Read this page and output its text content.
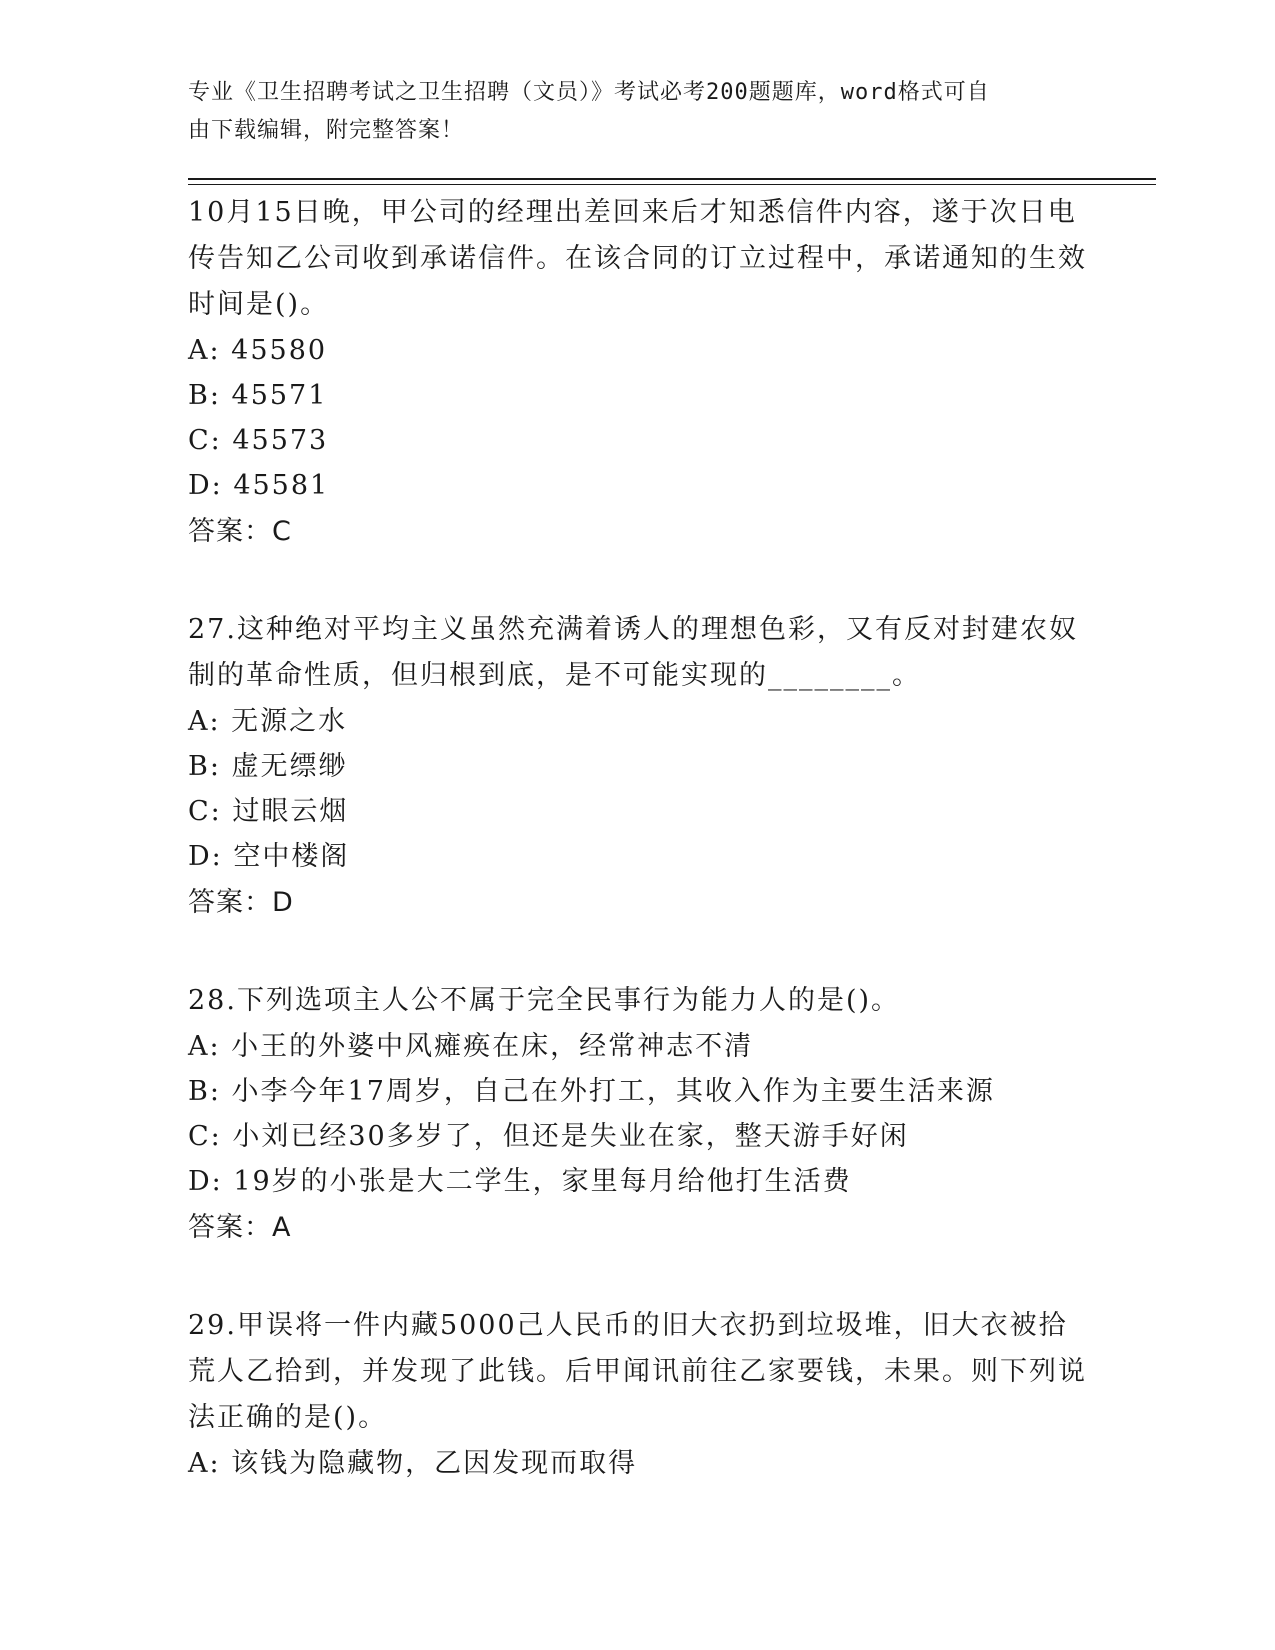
专业《卫生招聘考试之卫生招聘（文员）》考试必考200题题库，word格式可自
由下载编辑，附完整答案！

10月15日晚，甲公司的经理出差回来后才知悉信件内容，遂于次日电传告知乙公司收到承诺信件。在该合同的订立过程中，承诺通知的生效时间是()。

A: 45580

B: 45571

C: 45573

D: 45581

答案：C

27.这种绝对平均主义虽然充满着诱人的理想色彩，又有反对封建农奴制的革命性质，但归根到底，是不可能实现的________。

A: 无源之水

B: 虚无缥缈

C: 过眼云烟

D: 空中楼阁

答案：D

28.下列选项主人公不属于完全民事行为能力人的是()。

A: 小王的外婆中风瘫痪在床，经常神志不清

B: 小李今年17周岁，自己在外打工，其收入作为主要生活来源

C: 小刘已经30多岁了，但还是失业在家，整天游手好闲

D: 19岁的小张是大二学生，家里每月给他打生活费

答案：A

29.甲误将一件内藏5000己人民币的旧大衣扔到垃圾堆，旧大衣被拾荒人乙拾到，并发现了此钱。后甲闻讯前往乙家要钱，未果。则下列说法正确的是()。

A: 该钱为隐藏物，乙因发现而取得
